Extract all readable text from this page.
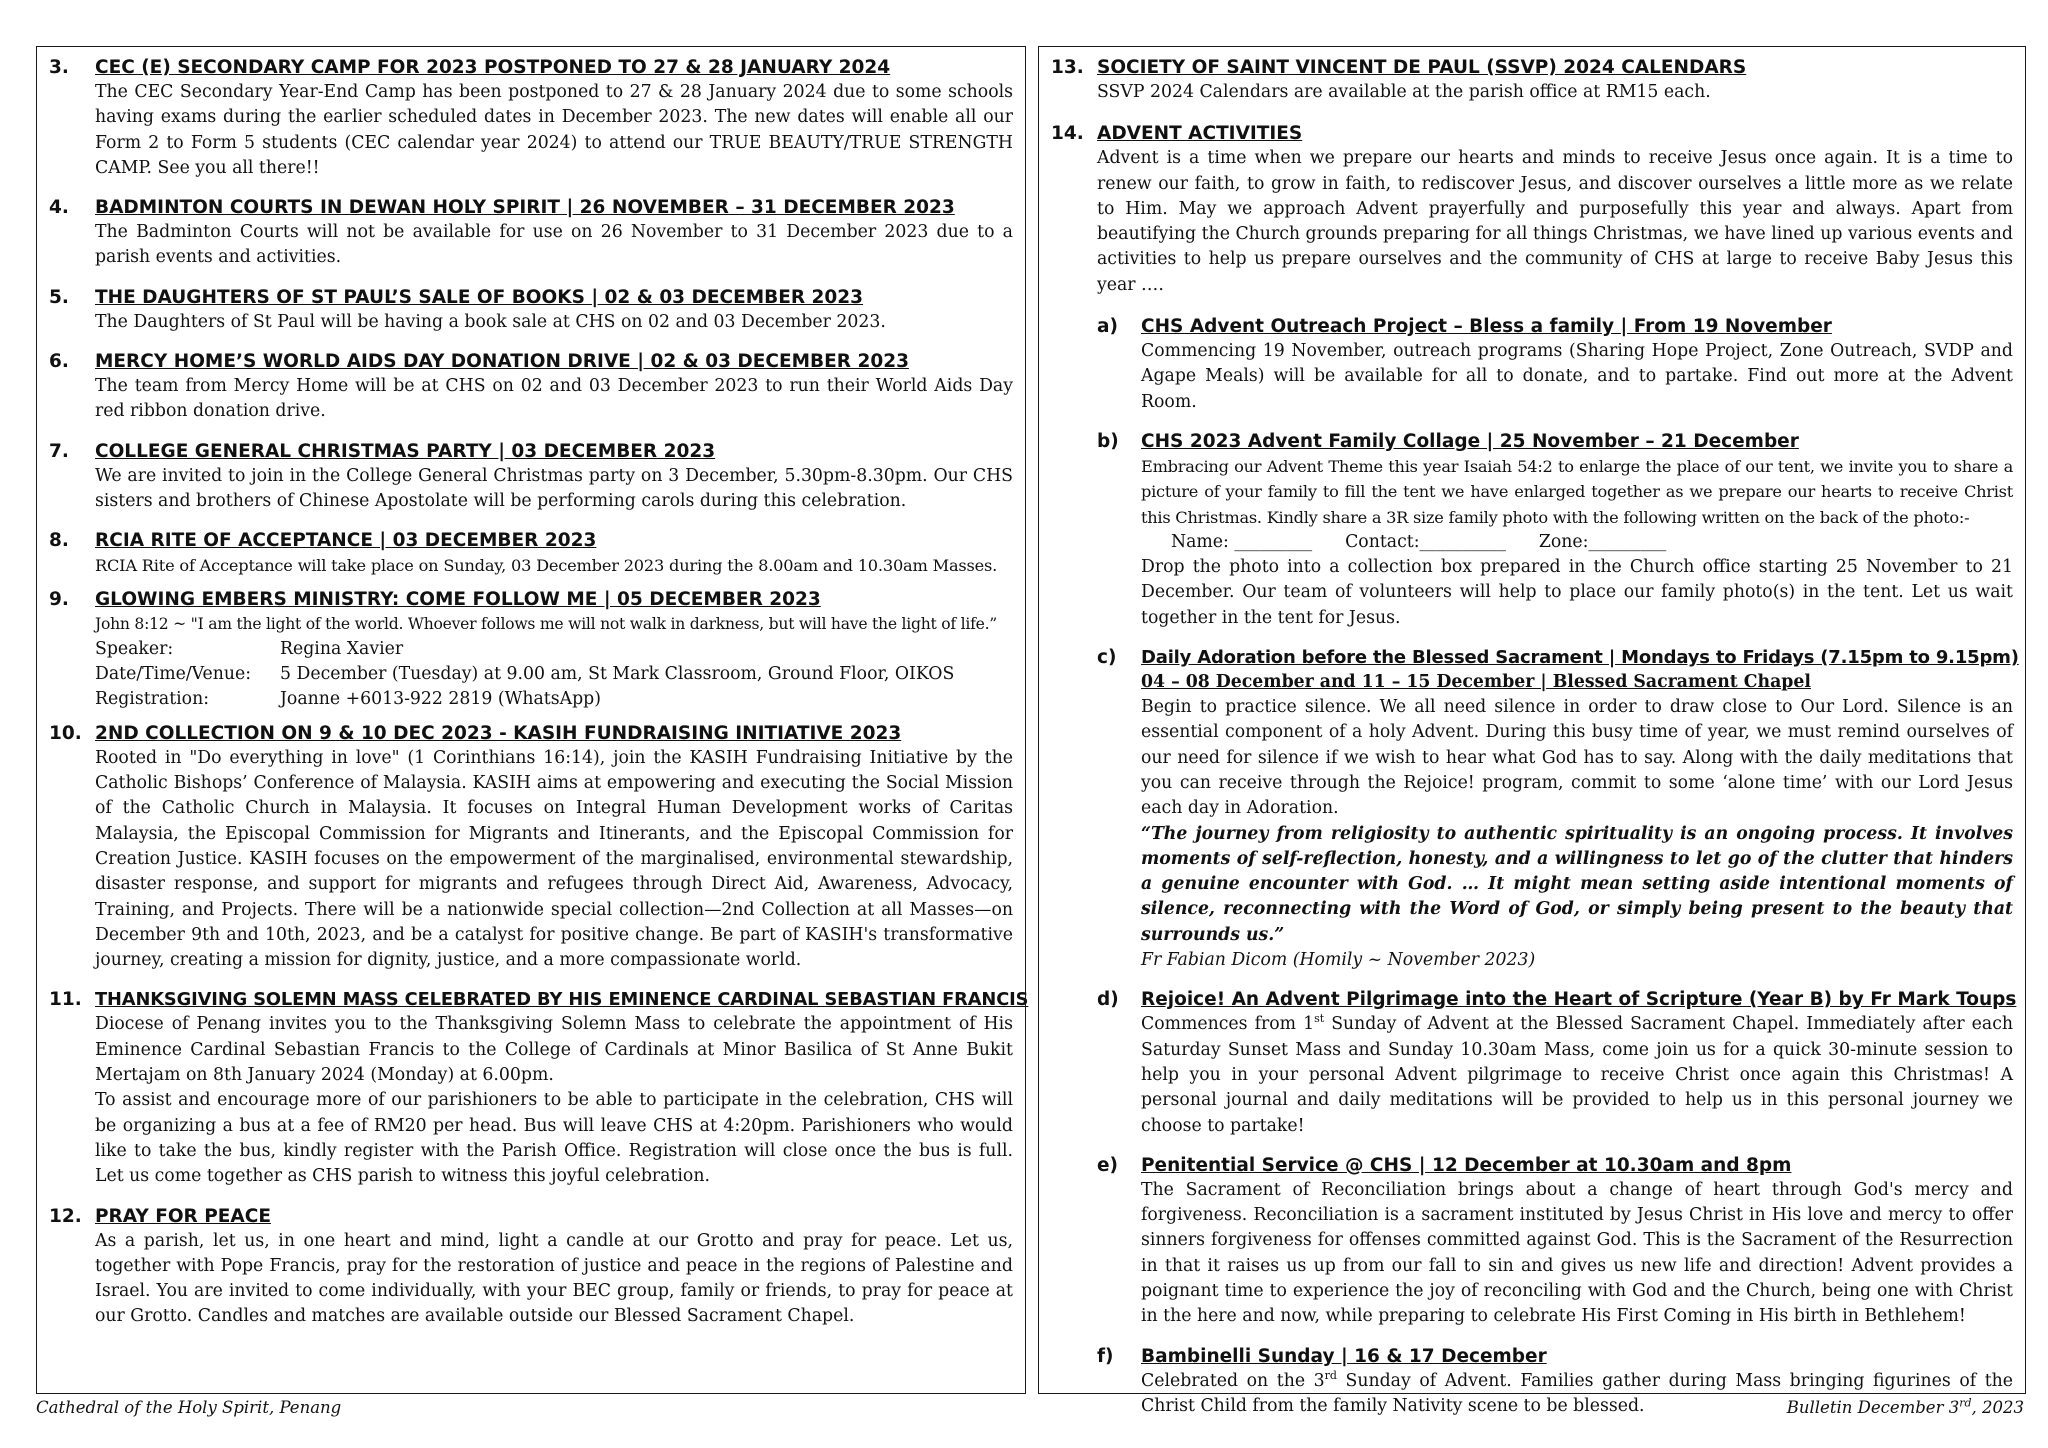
3. CEC (E) SECONDARY CAMP FOR 2023 POSTPONED TO 27 & 28 JANUARY 2024
The CEC Secondary Year-End Camp has been postponed to 27 & 28 January 2024 due to some schools having exams during the earlier scheduled dates in December 2023. The new dates will enable all our Form 2 to Form 5 students (CEC calendar year 2024) to attend our TRUE BEAUTY/TRUE STRENGTH CAMP. See you all there!!
4. BADMINTON COURTS IN DEWAN HOLY SPIRIT | 26 NOVEMBER – 31 DECEMBER 2023
The Badminton Courts will not be available for use on 26 November to 31 December 2023 due to a parish events and activities.
5. THE DAUGHTERS OF ST PAUL’S SALE OF BOOKS | 02 & 03 DECEMBER 2023
The Daughters of St Paul will be having a book sale at CHS on 02 and 03 December 2023.
6. MERCY HOME’S WORLD AIDS DAY DONATION DRIVE | 02 & 03 DECEMBER 2023
The team from Mercy Home will be at CHS on 02 and 03 December 2023 to run their World Aids Day red ribbon donation drive.
7. COLLEGE GENERAL CHRISTMAS PARTY | 03 DECEMBER 2023
We are invited to join in the College General Christmas party on 3 December, 5.30pm-8.30pm. Our CHS sisters and brothers of Chinese Apostolate will be performing carols during this celebration.
8. RCIA RITE OF ACCEPTANCE | 03 DECEMBER 2023
RCIA Rite of Acceptance will take place on Sunday, 03 December 2023 during the 8.00am and 10.30am Masses.
9. GLOWING EMBERS MINISTRY: COME FOLLOW ME | 05 DECEMBER 2023
John 8:12 ~ "I am the light of the world. Whoever follows me will not walk in darkness, but will have the light of life.”
Speaker:	Regina Xavier
Date/Time/Venue:	5 December (Tuesday) at 9.00 am, St Mark Classroom, Ground Floor, OIKOS
Registration:	Joanne +6013-922 2819 (WhatsApp)
10. 2ND COLLECTION ON 9 & 10 DEC 2023 - KASIH FUNDRAISING INITIATIVE 2023
Rooted in "Do everything in love" (1 Corinthians 16:14), join the KASIH Fundraising Initiative by the Catholic Bishops’ Conference of Malaysia. KASIH aims at empowering and executing the Social Mission of the Catholic Church in Malaysia. It focuses on Integral Human Development works of Caritas Malaysia, the Episcopal Commission for Migrants and Itinerants, and the Episcopal Commission for Creation Justice. KASIH focuses on the empowerment of the marginalised, environmental stewardship, disaster response, and support for migrants and refugees through Direct Aid, Awareness, Advocacy, Training, and Projects. There will be a nationwide special collection—2nd Collection at all Masses—on December 9th and 10th, 2023, and be a catalyst for positive change. Be part of KASIH's transformative journey, creating a mission for dignity, justice, and a more compassionate world.
11. THANKSGIVING SOLEMN MASS CELEBRATED BY HIS EMINENCE CARDINAL SEBASTIAN FRANCIS

Diocese of Penang invites you to the Thanksgiving Solemn Mass to celebrate the appointment of His Eminence Cardinal Sebastian Francis to the College of Cardinals at Minor Basilica of St Anne Bukit Mertajam on 8th January 2024 (Monday) at 6.00pm.

To assist and encourage more of our parishioners to be able to participate in the celebration, CHS will be organizing a bus at a fee of RM20 per head. Bus will leave CHS at 4:20pm. Parishioners who would like to take the bus, kindly register with the Parish Office. Registration will close once the bus is full. Let us come together as CHS parish to witness this joyful celebration.

12. PRAY FOR PEACE
As a parish, let us, in one heart and mind, light a candle at our Grotto and pray for peace. Let us, together with Pope Francis, pray for the restoration of justice and peace in the regions of Palestine and Israel. You are invited to come individually, with your BEC group, family or friends, to pray for peace at our Grotto. Candles and matches are available outside our Blessed Sacrament Chapel.
13. SOCIETY OF SAINT VINCENT DE PAUL (SSVP) 2024 CALENDARS
SSVP 2024 Calendars are available at the parish office at RM15 each.
14. ADVENT ACTIVITIES
Advent is a time when we prepare our hearts and minds to receive Jesus once again. It is a time to renew our faith, to grow in faith, to rediscover Jesus, and discover ourselves a little more as we relate to Him. May we approach Advent prayerfully and purposefully this year and always. Apart from beautifying the Church grounds preparing for all things Christmas, we have lined up various events and activities to help us prepare ourselves and the community of CHS at large to receive Baby Jesus this year ….
a) CHS Advent Outreach Project – Bless a family | From 19 November
Commencing 19 November, outreach programs (Sharing Hope Project, Zone Outreach, SVDP and Agape Meals) will be available for all to donate, and to partake. Find out more at the Advent Room.
b) CHS 2023 Advent Family Collage | 25 November – 21 December

Embracing our Advent Theme this year Isaiah 54:2 to enlarge the place of our tent, we invite you to share a picture of your family to fill the tent we have enlarged together as we prepare our hearts to receive Christ this Christmas. Kindly share a 3R size family photo with the following written on the back of the photo:-

Name: _________      Contact:__________      Zone:_________

Drop the photo into a collection box prepared in the Church office starting 25 November to 21 December. Our team of volunteers will help to place our family photo(s) in the tent. Let us wait together in the tent for Jesus.

c) Daily Adoration before the Blessed Sacrament | Mondays to Fridays (7.15pm to 9.15pm)
04 – 08 December and 11 – 15 December | Blessed Sacrament Chapel

Begin to practice silence. We all need silence in order to draw close to Our Lord. Silence is an essential component of a holy Advent. During this busy time of year, we must remind ourselves of our need for silence if we wish to hear what God has to say. Along with the daily meditations that you can receive through the Rejoice! program, commit to some ‘alone time’ with our Lord Jesus each day in Adoration.

“The journey from religiosity to authentic spirituality is an ongoing process. It involves moments of self-reflection, honesty, and a willingness to let go of the clutter that hinders a genuine encounter with God. … It might mean setting aside intentional moments of silence, reconnecting with the Word of God, or simply being present to the beauty that surrounds us.”

Fr Fabian Dicom (Homily ~ November 2023)

d) Rejoice! An Advent Pilgrimage into the Heart of Scripture (Year B) by Fr Mark Toups
Commences from 1st Sunday of Advent at the Blessed Sacrament Chapel. Immediately after each Saturday Sunset Mass and Sunday 10.30am Mass, come join us for a quick 30-minute session to help you in your personal Advent pilgrimage to receive Christ once again this Christmas! A personal journal and daily meditations will be provided to help us in this personal journey we choose to partake!
e) Penitential Service @ CHS | 12 December at 10.30am and 8pm
The Sacrament of Reconciliation brings about a change of heart through God's mercy and forgiveness. Reconciliation is a sacrament instituted by Jesus Christ in His love and mercy to offer sinners forgiveness for offenses committed against God. This is the Sacrament of the Resurrection in that it raises us up from our fall to sin and gives us new life and direction! Advent provides a poignant time to experience the joy of reconciling with God and the Church, being one with Christ in the here and now, while preparing to celebrate His First Coming in His birth in Bethlehem!
f) Bambinelli Sunday | 16 & 17 December
Celebrated on the 3rd Sunday of Advent. Families gather during Mass bringing figurines of the Christ Child from the family Nativity scene to be blessed.
Cathedral of the Holy Spirit, Penang	Bulletin December 3rd, 2023
